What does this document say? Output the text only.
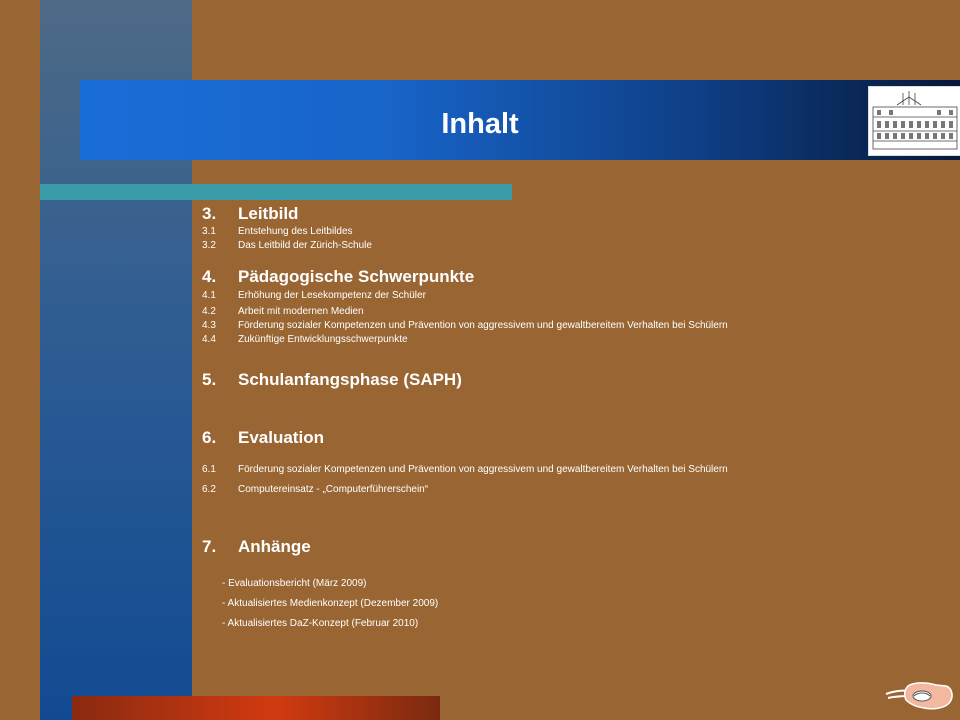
Inhalt
3. Leitbild
3.1 Entstehung des Leitbildes
3.2 Das Leitbild der Zürich-Schule
4. Pädagogische Schwerpunkte
4.1 Erhöhung der Lesekompetenz der Schüler
4.2 Arbeit mit modernen Medien
4.3 Förderung sozialer Kompetenzen und Prävention von aggressivem und gewaltbereitem Verhalten bei Schülern
4.4 Zukünftige Entwicklungsschwerpunkte
5. Schulanfangsphase (SAPH)
6. Evaluation
6.1 Förderung sozialer Kompetenzen und Prävention von aggressivem und gewaltbereitem Verhalten bei Schülern
6.2 Computereinsatz - „Computerführerschein“
7. Anhänge
- Evaluationsbericht (März 2009)
- Aktualisiertes Medienkonzept (Dezember 2009)
- Aktualisiertes DaZ-Konzept (Februar 2010)
